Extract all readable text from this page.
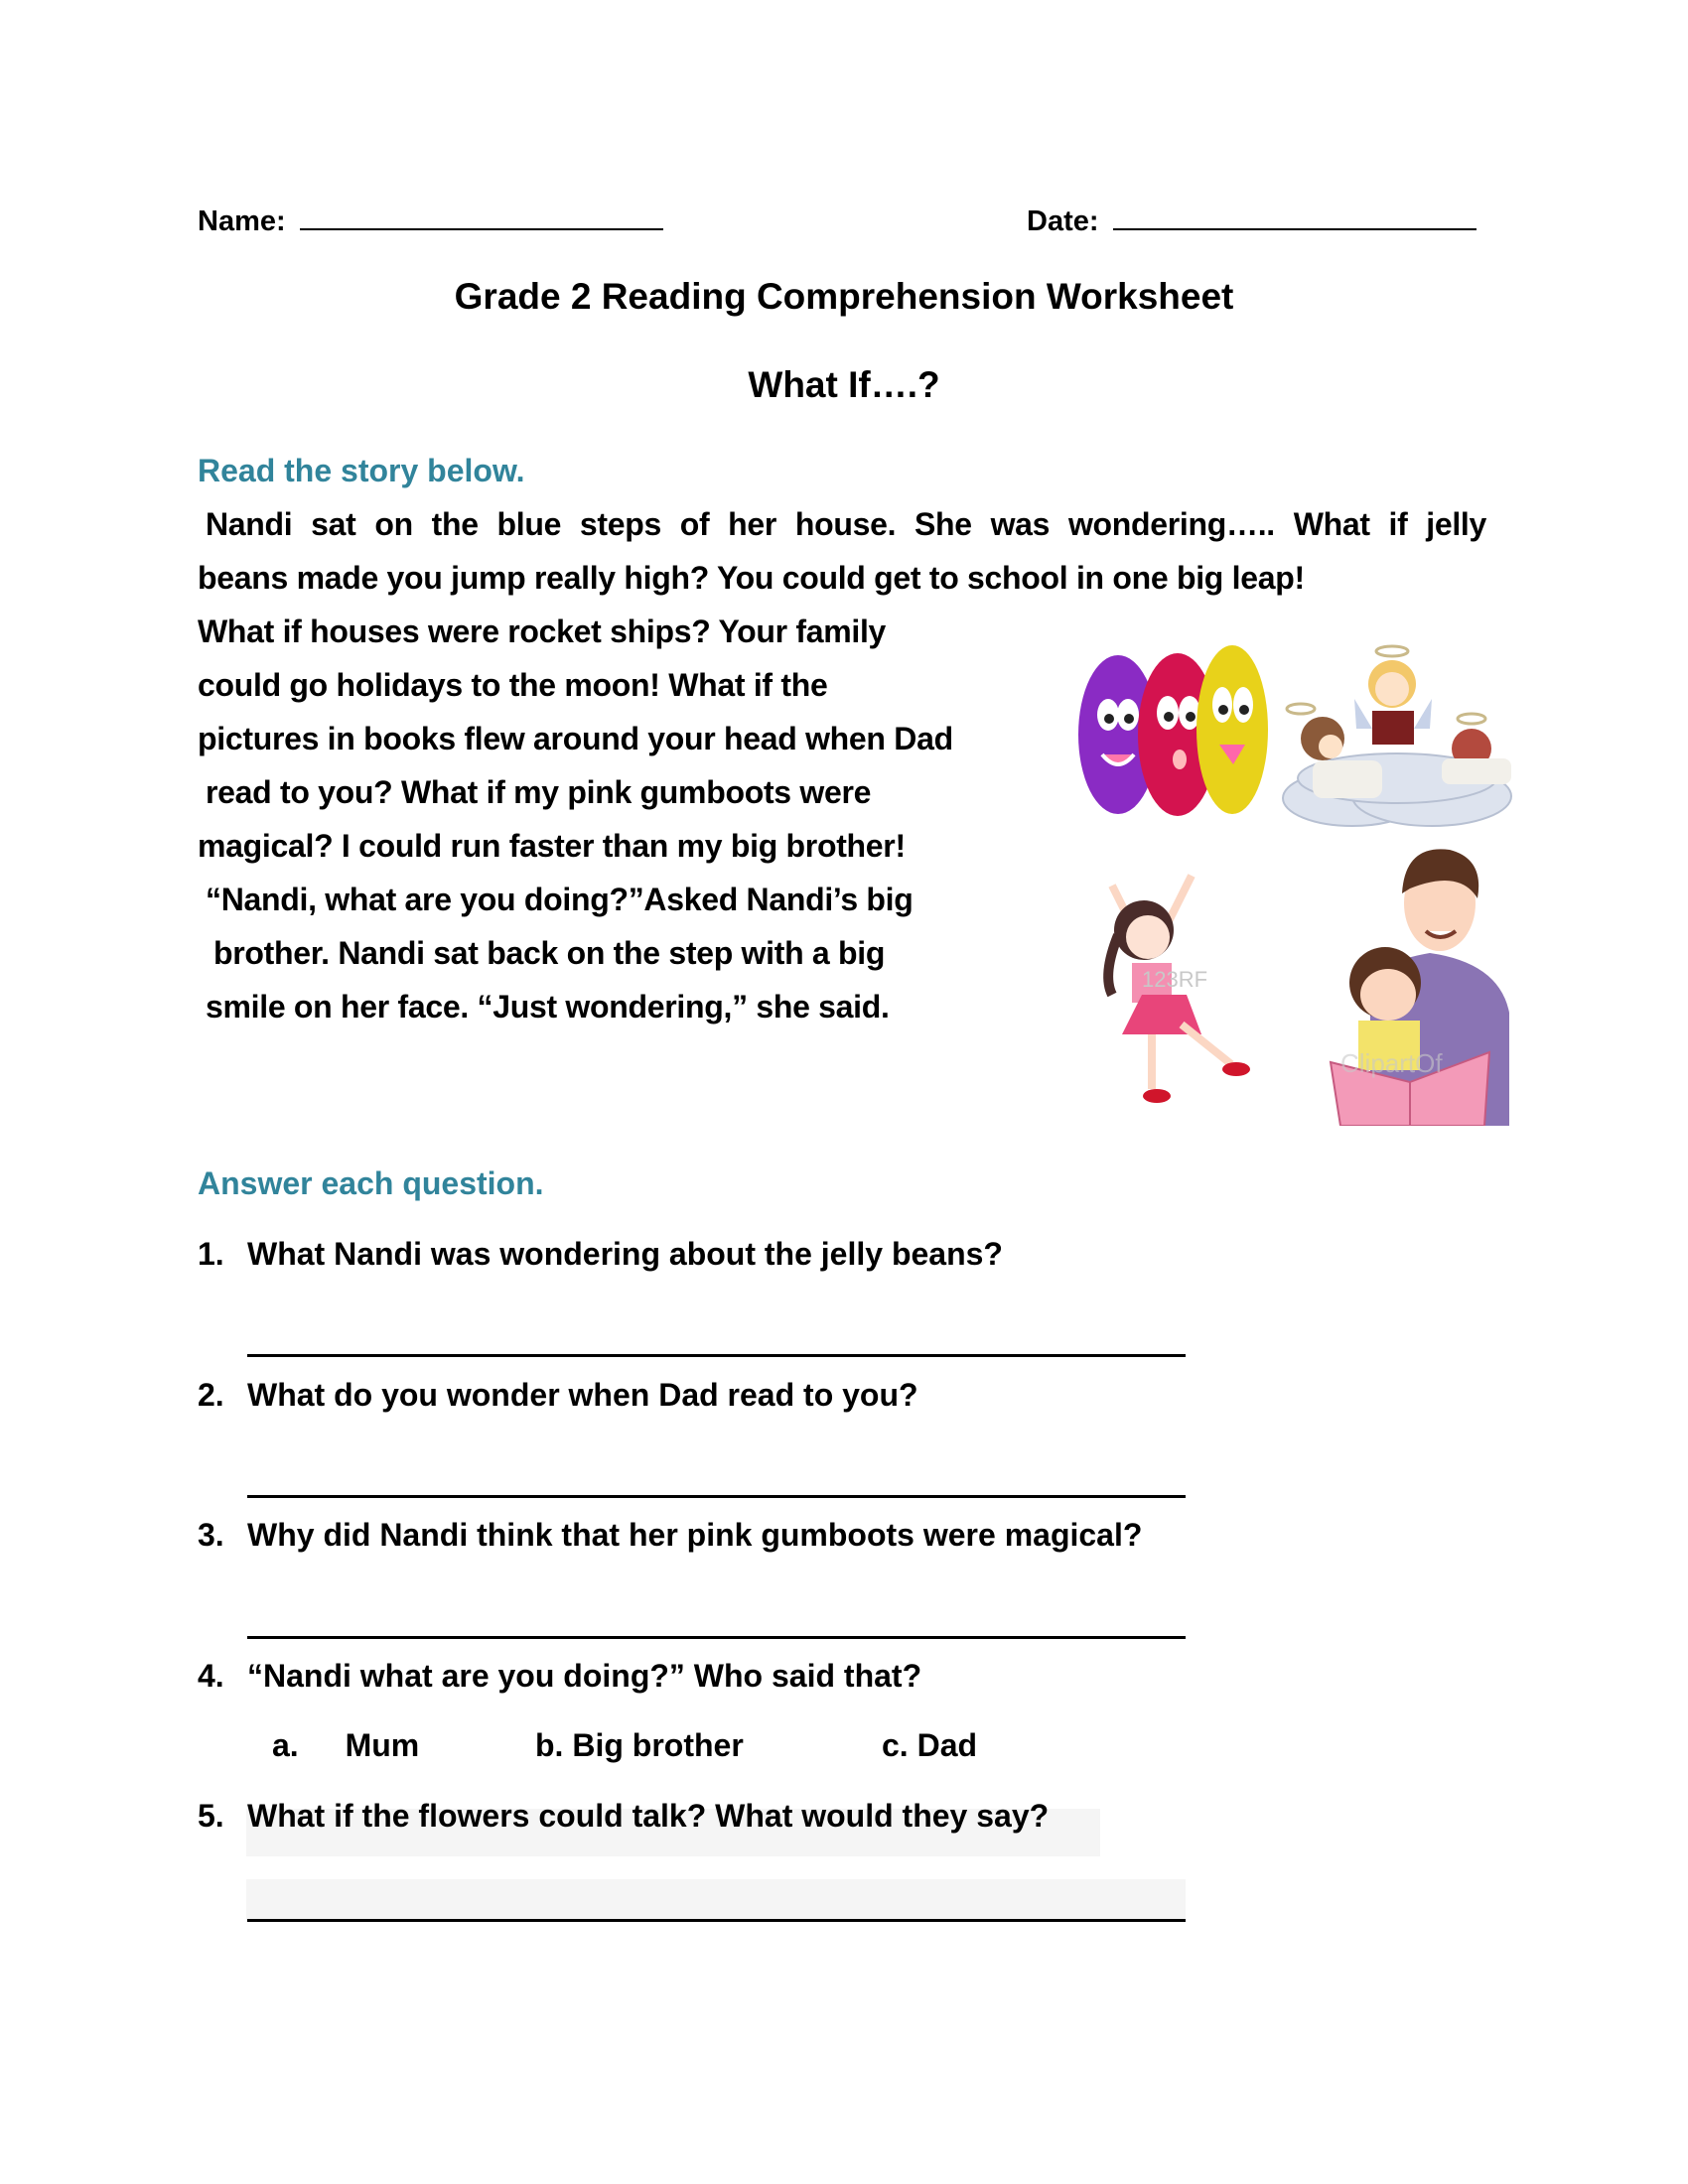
Name:	Date:
Grade 2 Reading Comprehension Worksheet
What If….?
Read the story below.
Nandi sat on the blue steps of her house. She was wondering….. What if jelly
beans made you jump really high? You could get to school in one big leap!
What if houses were rocket ships? Your family
could go holidays to the moon! What if the
pictures in books flew around your head when Dad
read to you? What if my pink gumboots were
magical? I could run faster than my big brother!
“Nandi, what are you doing?”Asked Nandi’s big
brother. Nandi sat back on the step with a big
smile on her face. “Just wondering,” she said.
123RF
ClipartOf
Answer each question.
1. What Nandi was wondering about the jelly beans?
2. What do you wonder when Dad read to you?
3. Why did Nandi think that her pink gumboots were magical?
4. “Nandi what are you doing?” Who said that?
a. Mum	b. Big brother	c. Dad
5. What if the flowers could talk? What would they say?
